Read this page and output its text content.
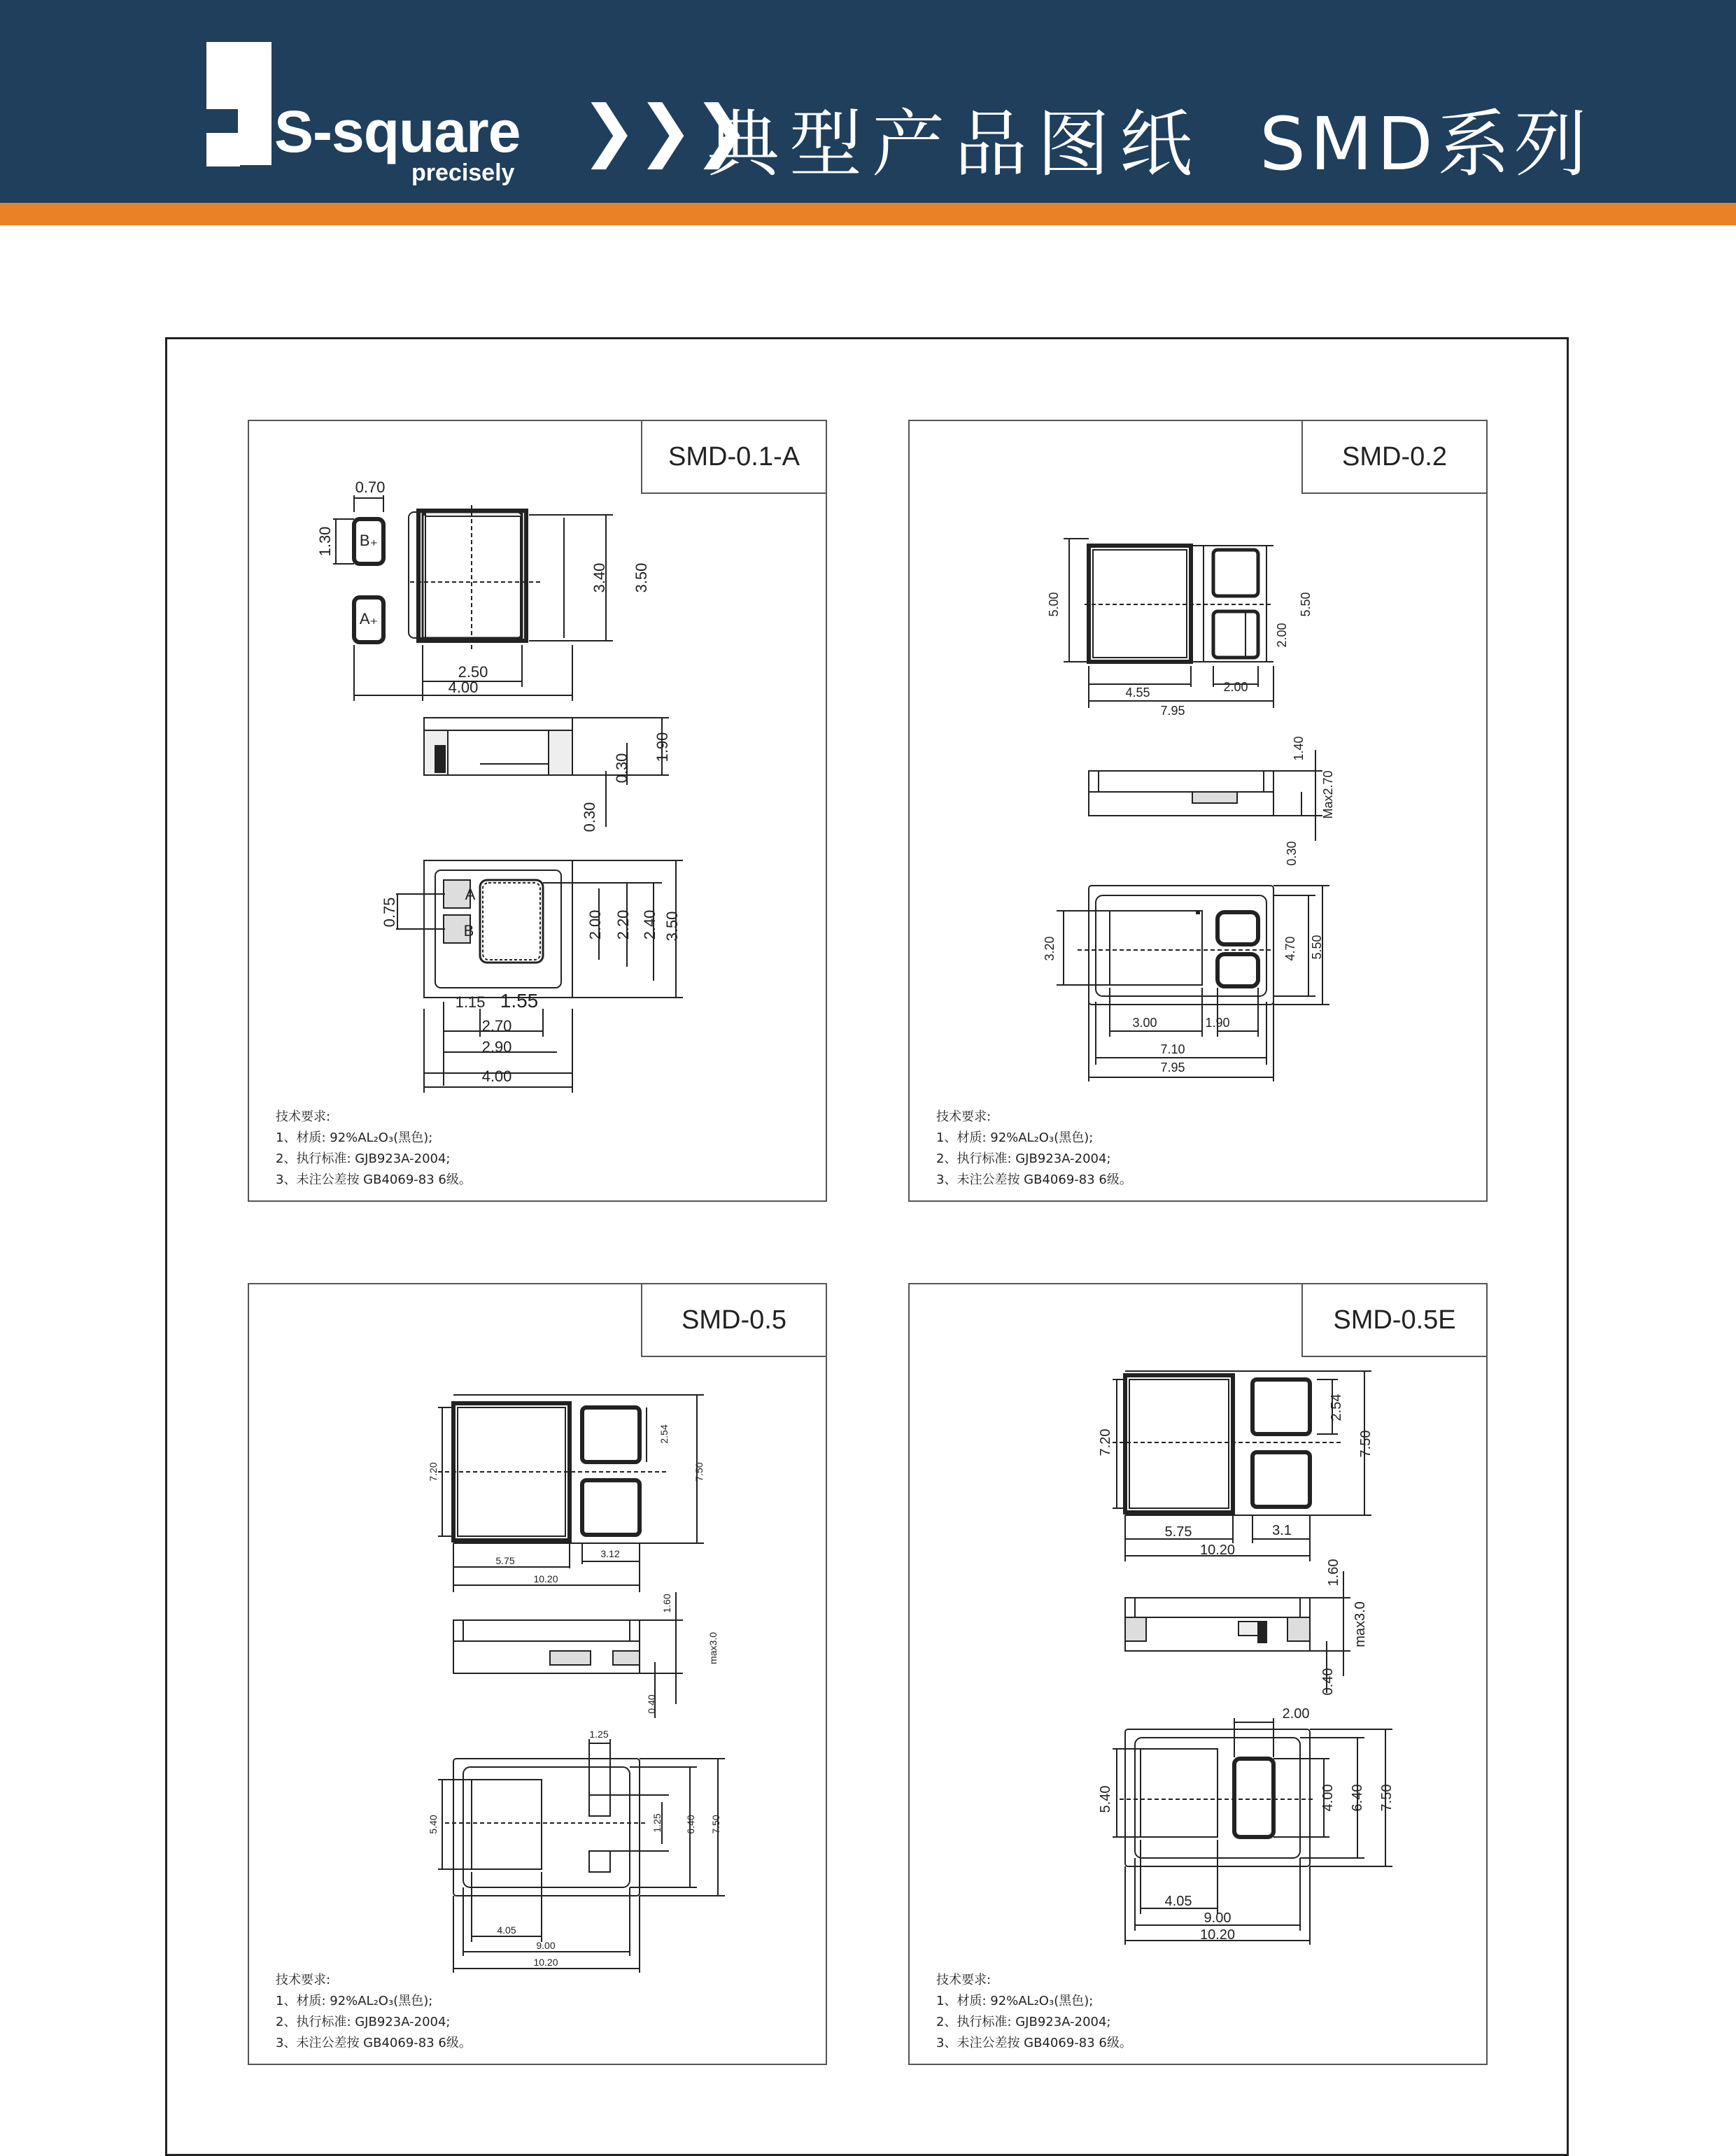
S-square
precisely
❯❯❯
典型产品图纸 SMD系列
SMD-0.1-A
0.70
B₊
A₊
1.30
3.40 3.50
2.50
4.00
1.90
0.30
0.30
A
B
0.75	2.00 2.20 2.40 3.50
1.15 1.55
2.70
2.90
4.00
技术要求:
1、材质: 92%AL₂O₃(黑色);
2、执行标准: GJB923A-2004;
3、未注公差按 GB4069-83 6级。
SMD-0.2
5.00	5.50
2.00
4.55	2.00
7.95
1.40
Max2.70
0.30
3.20	4.70 5.50
3.00	1.90
7.10
7.95
技术要求:
1、材质: 92%AL₂O₃(黑色);
2、执行标准: GJB923A-2004;
3、未注公差按 GB4069-83 6级。
SMD-0.5
7.20
2.54
7.50
5.75
3.12
10.20
1.60
max3.0
0.40
1.25
5.40	1.25 6.40 7.50
4.05
9.00
10.20
技术要求:
1、材质: 92%AL₂O₃(黑色);
2、执行标准: GJB923A-2004;
3、未注公差按 GB4069-83 6级。
SMD-0.5E
7.20
2.54
7.50
5.75	3.1
10.20
1.60
max3.0
0.40
2.00
5.40	4.00 6.40 7.50
4.05
9.00
10.20
技术要求:
1、材质: 92%AL₂O₃(黑色);
2、执行标准: GJB923A-2004;
3、未注公差按 GB4069-83 6级。
